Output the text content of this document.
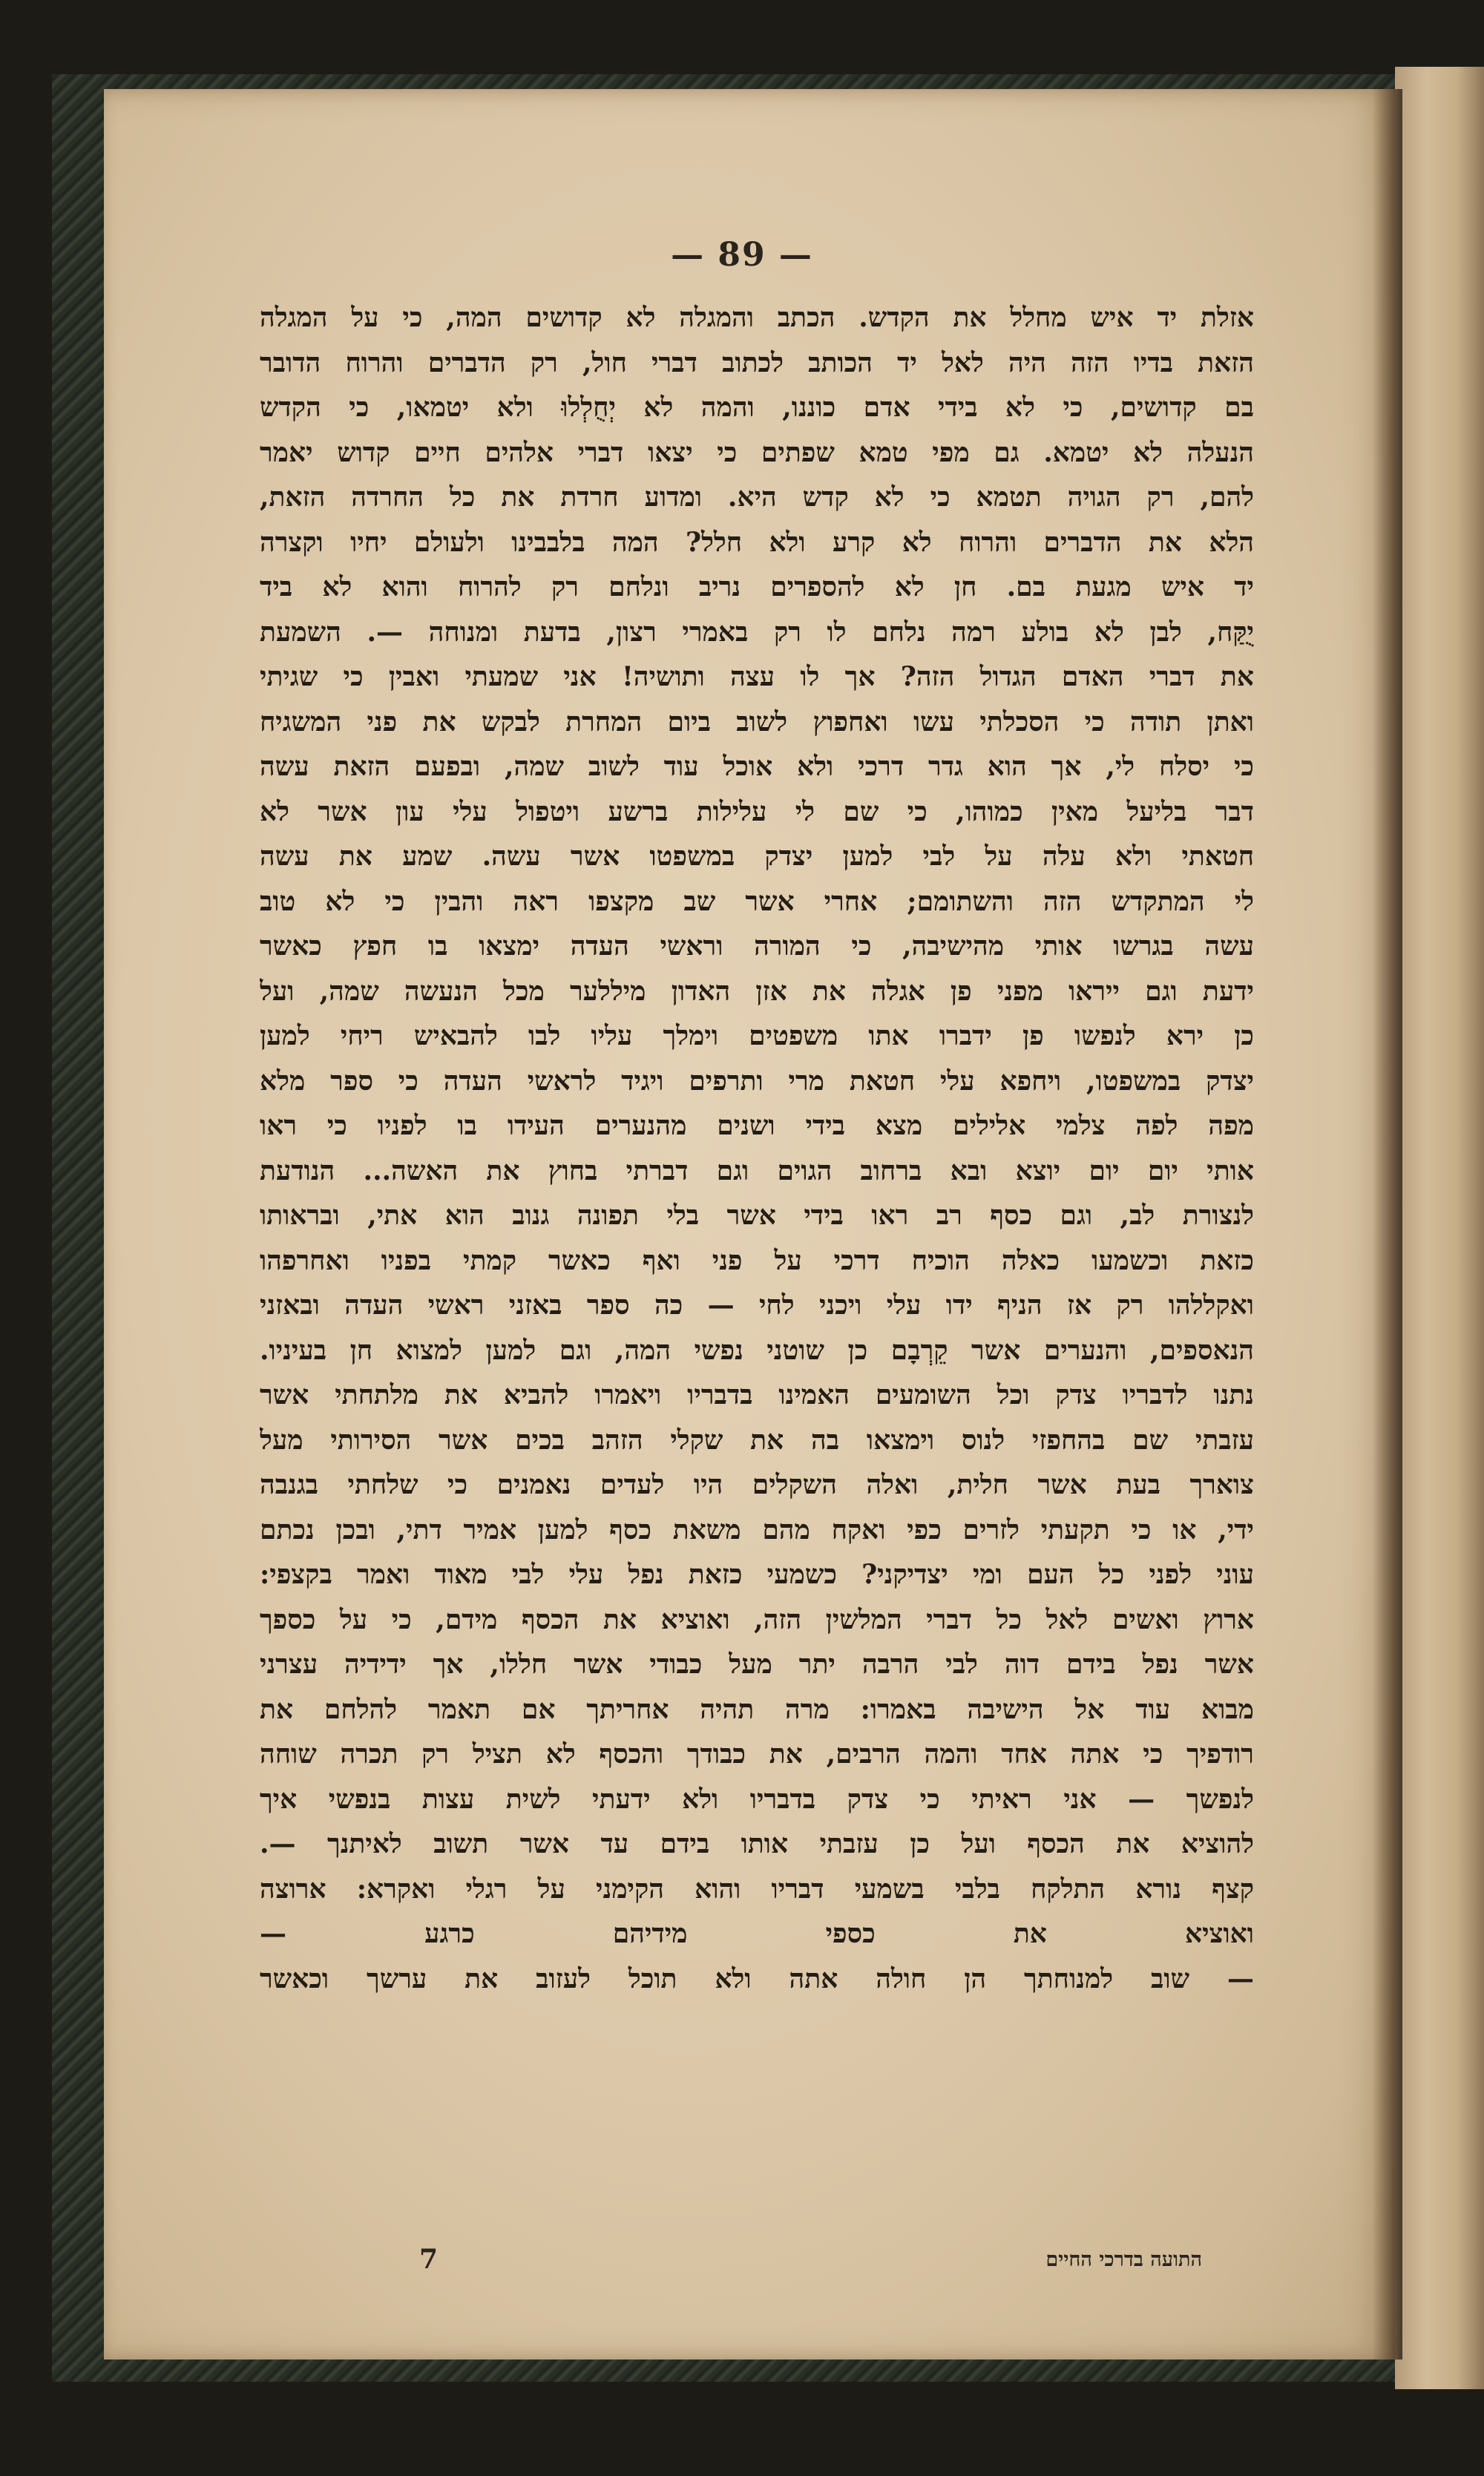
— 89 —
אזלת יד איש מחלל את הקדש. הכתב והמגלה לא קדושים המה, כי על המגלה
הזאת בדיו הזה היה לאל יד הכותב לכתוב דברי חול, רק הדברים והרוח הדובר
בם קדושים, כי לא בידי אדם כוננו, והמה לא יְחֻלְלוּ ולא יטמאו, כי הקדש
הנעלה לא יטמא. גם מפי טמא שפתים כי יצאו דברי אלהים חיים קדוש יאמר
להם, רק הגויה תטמא כי לא קדש היא. ומדוע חרדת את כל החרדה הזאת,
הלא את הדברים והרוח לא קרע ולא חלל? המה בלבבינו ולעולם יחיו וקצרה
יד איש מגעת בם. חן לא להספרים נריב ונלחם רק להרוח והוא לא ביד
יֻקַּח, לבן לא בולע רמה נלחם לו רק באמרי רצון, בדעת ומנוחה —. השמעת
את דברי האדם הגדול הזה? אך לו עצה ותושיה! אני שמעתי ואבין כי שגיתי
ואתן תודה כי הסכלתי עשו ואחפוץ לשוב ביום המחרת לבקש את פני המשגיח
כי יסלח לי, אך הוא גדר דרכי ולא אוכל עוד לשוב שמה, ובפעם הזאת עשה
דבר בליעל מאין כמוהו, כי שם לי עלילות ברשע ויטפול עלי עון אשר לא
חטאתי ולא עלה על לבי למען יצדק במשפטו אשר עשה. שמע את עשה
לי המתקדש הזה והשתומם; אחרי אשר שב מקצפו ראה והבין כי לא טוב
עשה בגרשו אותי מהישיבה, כי המורה וראשי העדה ימצאו בו חפץ כאשר
ידעת וגם ייראו מפני פן אגלה את אזן האדון מיללער מכל הנעשה שמה, ועל
כן ירא לנפשו פן ידברו אתו משפטים וימלך עליו לבו להבאיש ריחי למען
יצדק במשפטו, ויחפא עלי חטאת מרי ותרפים ויגיד לראשי העדה כי ספר מלא
מפה לפה צלמי אלילים מצא בידי ושנים מהנערים העידו בו לפניו כי ראו
אותי יום יום יוצא ובא ברחוב הגוים וגם דברתי בחוץ את האשה... הנודעת
לנצורת לב, וגם כסף רב ראו בידי אשר בלי תפונה גנוב הוא אתי, ובראותו
כזאת וכשמעו כאלה הוכיח דרכי על פני ואף כאשר קמתי בפניו ואחרפהו
ואקללהו רק אז הניף ידו עלי ויכני לחי — כה ספר באזני ראשי העדה ובאזני
הנאספים, והנערים אשר קֵרְבָם כן שוטני נפשי המה, וגם למען למצוא חן בעיניו.
נתנו לדבריו צדק וכל השומעים האמינו בדבריו ויאמרו להביא את מלתחתי אשר
עזבתי שם בהחפזי לנוס וימצאו בה את שקלי הזהב בכים אשר הסירותי מעל
צוארך בעת אשר חלית, ואלה השקלים היו לעדים נאמנים כי שלחתי בגנבה
ידי, או כי תקעתי לזרים כפי ואקח מהם משאת כסף למען אמיר דתי, ובכן נכתם
עוני לפני כל העם ומי יצדיקני? כשמעי כזאת נפל עלי לבי מאוד ואמר בקצפי:
ארוץ ואשים לאל כל דברי המלשין הזה, ואוציא את הכסף מידם, כי על כספך
אשר נפל בידם דוה לבי הרבה יתר מעל כבודי אשר חללו, אך ידידיה עצרני
מבוא עוד אל הישיבה באמרו: מרה תהיה אחריתך אם תאמר להלחם את
רודפיך כי אתה אחד והמה הרבים, את כבודך והכסף לא תציל רק תכרה שוחה
לנפשך — אני ראיתי כי צדק בדבריו ולא ידעתי לשית עצות בנפשי איך
להוציא את הכסף ועל כן עזבתי אותו בידם עד אשר תשוב לאיתנך —.
קצף נורא התלקח בלבי בשמעי דבריו והוא הקימני על רגלי ואקרא: ארוצה
ואוציא את כספי מידיהם כרגע —
— שוב למנוחתך הן חולה אתה ולא תוכל לעזוב את ערשך וכאשר
7	התועה בדרכי החיים
